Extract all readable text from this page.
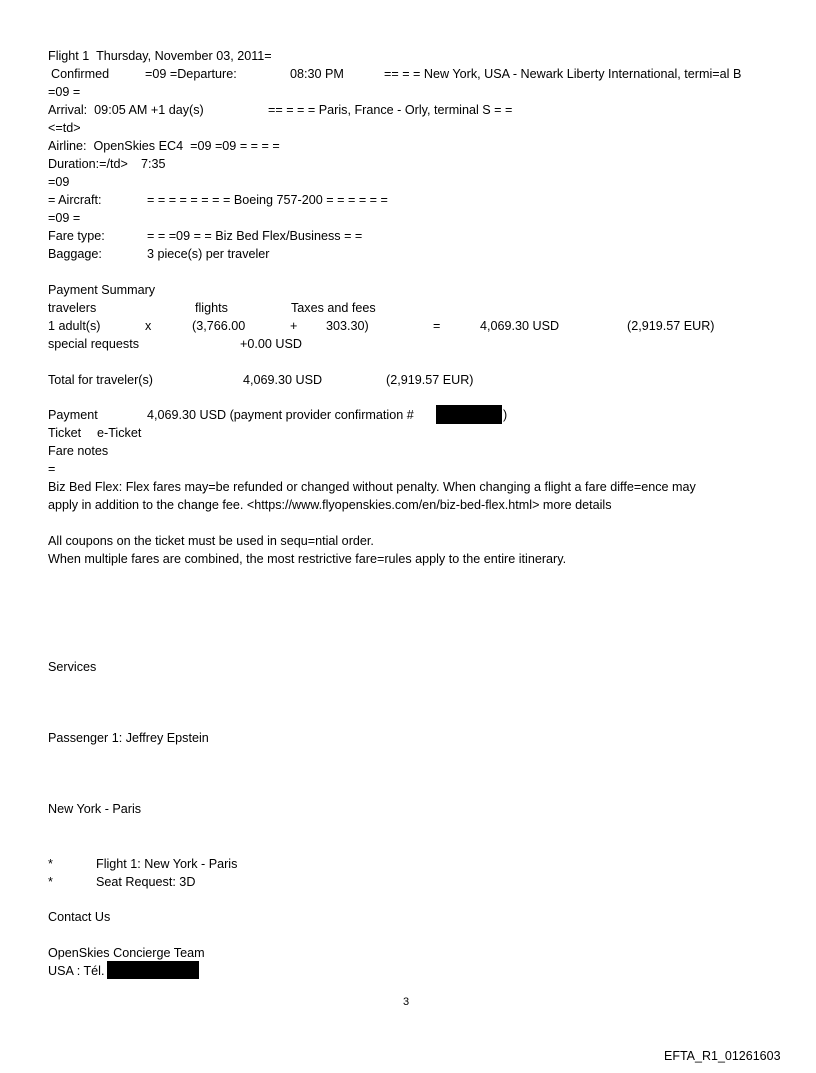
Flight 1  Thursday, November 03, 2011=
Confirmed	=09 =Departure:	08:30 PM	== = = New York, USA - Newark Liberty International, termi=al B
=09 =
Arrival:  09:05 AM +1 day(s)	== = = = Paris, France - Orly, terminal S = =
<=td>
Airline:  OpenSkies EC4  =09 =09 = = = =
Duration:=/td> 7:35
=09
= Aircraft:	= = = = = = = = Boeing 757-200 = = = = = =
=09 =
Fare type:	= = =09 = = Biz Bed Flex/Business = =
Baggage:	3 piece(s) per traveler
Payment Summary
travelers	flights	Taxes and fees
1 adult(s)	x	(3,766.00	+ 303.30)	=	4,069.30 USD	(2,919.57 EUR)
special requests	+0.00 USD
Total for traveler(s)	4,069.30 USD	(2,919.57 EUR)
Payment	4,069.30 USD (payment provider confirmation #	)
Ticket e-Ticket
Fare notes
=
Biz Bed Flex: Flex fares may=be refunded or changed without penalty. When changing a flight a fare diffe=ence may
apply in addition to the change fee. <https://www.flyopenskies.com/en/biz-bed-flex.html> more details
All coupons on the ticket must be used in sequ=ntial order.
When multiple fares are combined, the most restrictive fare=rules apply to the entire itinerary.
Services
Passenger 1: Jeffrey Epstein
New York - Paris
*	Flight 1: New York - Paris
*	Seat Request: 3D
Contact Us
OpenSkies Concierge Team
USA : Tél.
3
EFTA_R1_01261603
